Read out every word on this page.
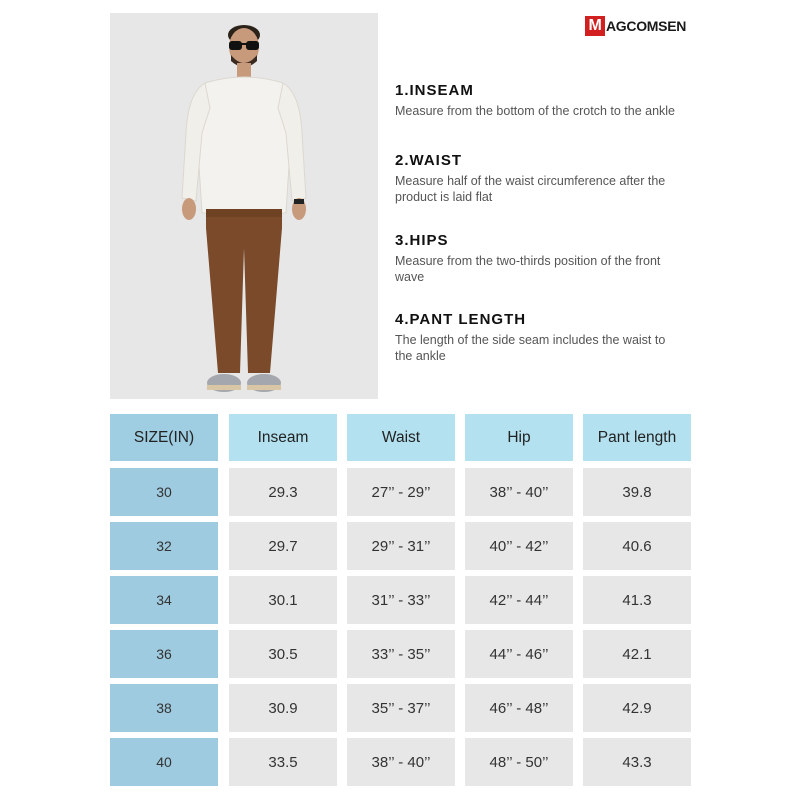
M AGCOMSEN
1.INSEAM
Measure from the bottom of the crotch to the ankle
2.WAIST
Measure half of the waist circumference after the
product is laid flat
3.HIPS
Measure from the two-thirds position of the front
wave
4.PANT LENGTH
The length of the side seam includes the waist to
the ankle
SIZE(IN)	Inseam	Waist	Hip	Pant length
30	29.3	27’’ - 29’’	38’’ - 40’’	39.8
32	29.7	29’’ - 31’’	40’’ - 42’’	40.6
34	30.1	31’’ - 33’’	42’’ - 44’’	41.3
36	30.5	33’’ - 35’’	44’’ - 46’’	42.1
38	30.9	35’’ - 37’’	46’’ - 48’’	42.9
40	33.5	38’’ - 40’’	48’’ - 50’’	43.3
